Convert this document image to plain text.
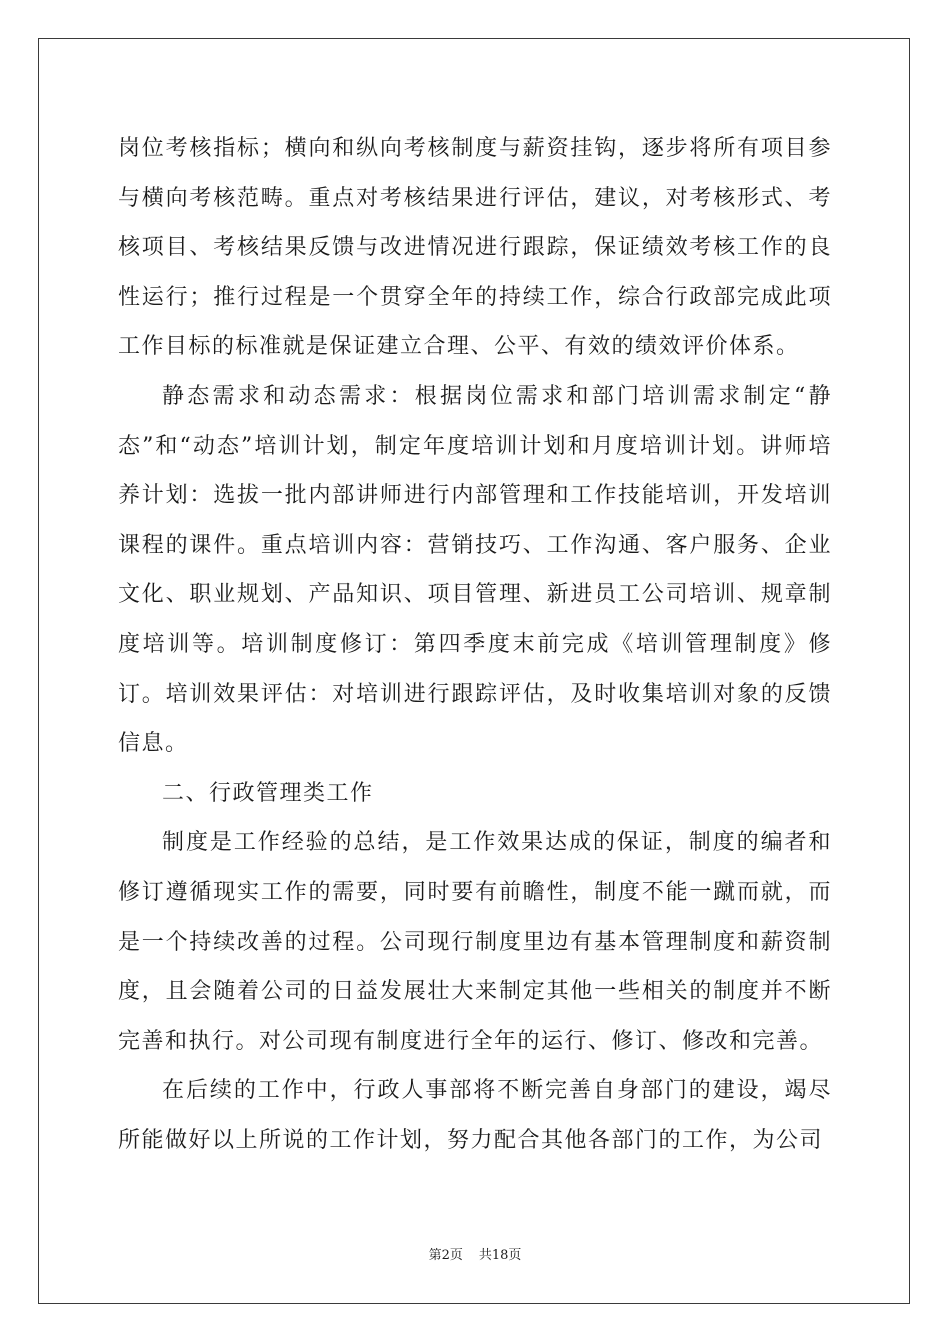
岗位考核指标；横向和纵向考核制度与薪资挂钩，逐步将所有项目参与横向考核范畴。重点对考核结果进行评估，建议，对考核形式、考核项目、考核结果反馈与改进情况进行跟踪，保证绩效考核工作的良性运行；推行过程是一个贯穿全年的持续工作，综合行政部完成此项工作目标的标准就是保证建立合理、公平、有效的绩效评价体系。

静态需求和动态需求：根据岗位需求和部门培训需求制定“静态”和“动态”培训计划，制定年度培训计划和月度培训计划。讲师培养计划：选拔一批内部讲师进行内部管理和工作技能培训，开发培训课程的课件。重点培训内容：营销技巧、工作沟通、客户服务、企业文化、职业规划、产品知识、项目管理、新进员工公司培训、规章制度培训等。培训制度修订：第四季度末前完成《培训管理制度》修订。培训效果评估：对培训进行跟踪评估，及时收集培训对象的反馈信息。

二、行政管理类工作

制度是工作经验的总结，是工作效果达成的保证，制度的编者和修订遵循现实工作的需要，同时要有前瞻性，制度不能一蹴而就，而是一个持续改善的过程。公司现行制度里边有基本管理制度和薪资制度，且会随着公司的日益发展壮大来制定其他一些相关的制度并不断完善和执行。对公司现有制度进行全年的运行、修订、修改和完善。

在后续的工作中，行政人事部将不断完善自身部门的建设，竭尽所能做好以上所说的工作计划，努力配合其他各部门的工作，为公司

第2页 共18页
